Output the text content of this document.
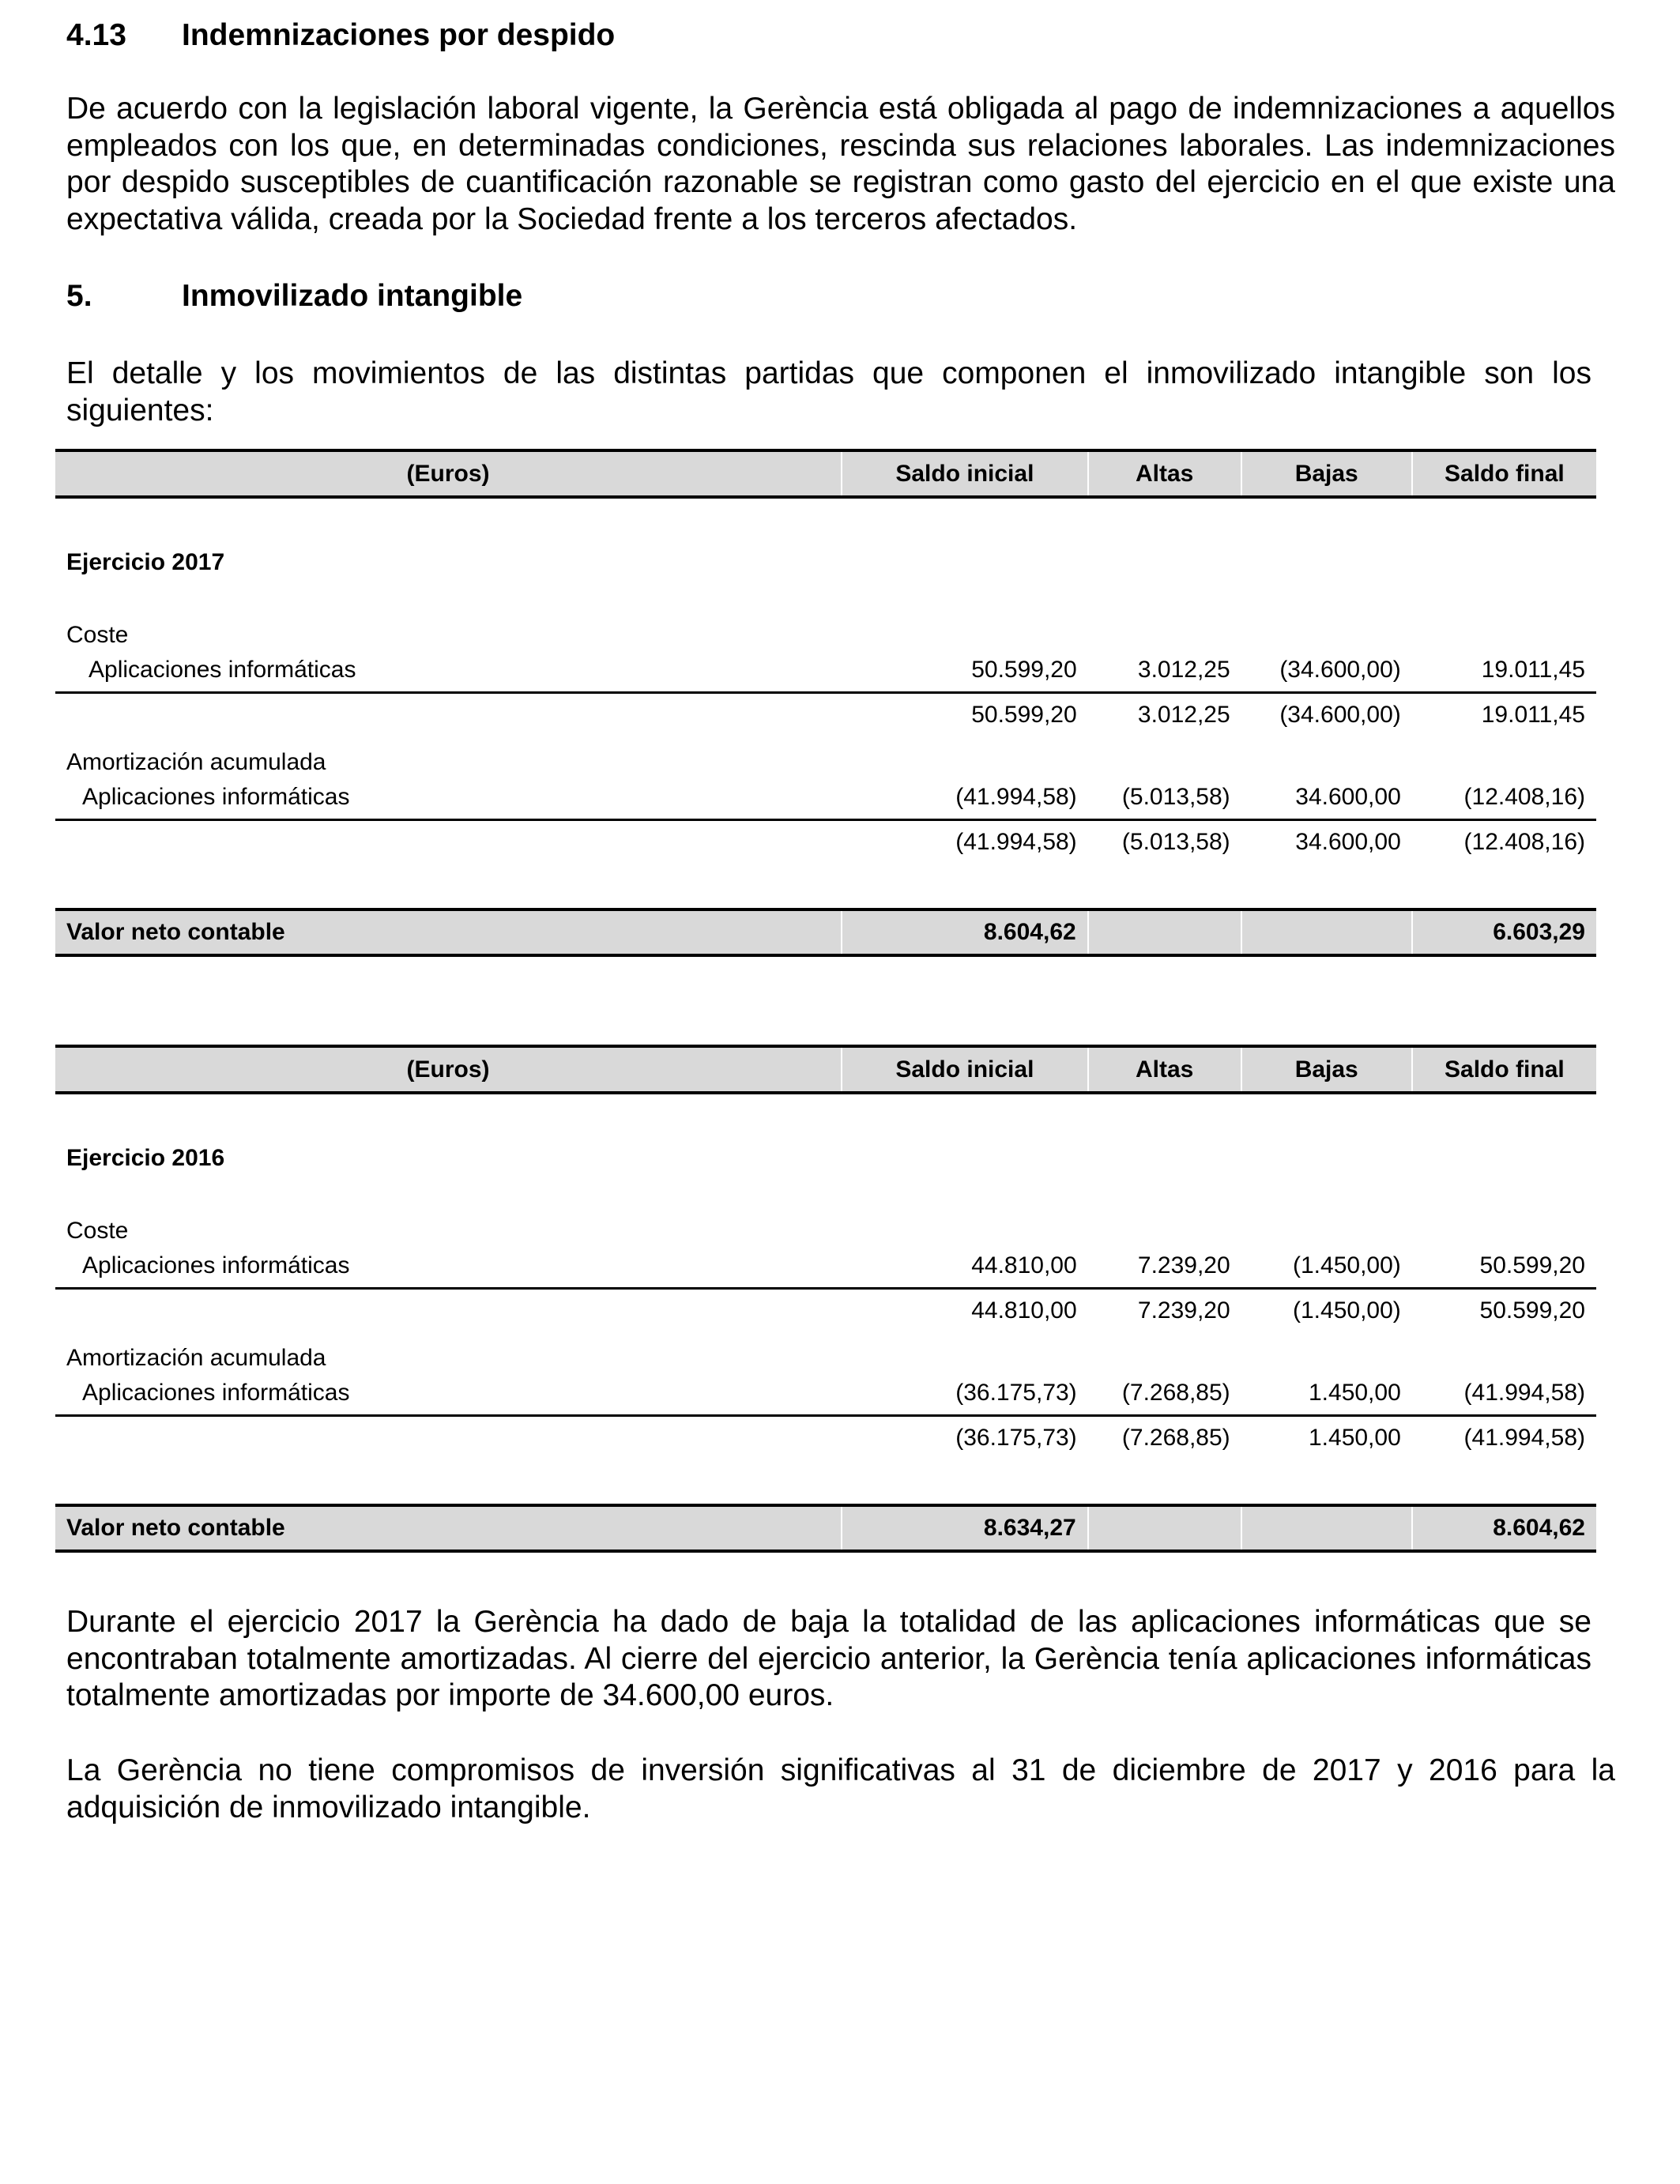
4.13 Indemnizaciones por despido
De acuerdo con la legislación laboral vigente, la Gerència está obligada al pago de indemnizaciones a aquellos empleados con los que, en determinadas condiciones, rescinda sus relaciones laborales. Las indemnizaciones por despido susceptibles de cuantificación razonable se registran como gasto del ejercicio en el que existe una expectativa válida, creada por la Sociedad frente a los terceros afectados.
5.	Inmovilizado intangible
El detalle y los movimientos de las distintas partidas que componen el inmovilizado intangible son los siguientes:
(Euros)	Saldo inicial	Altas	Bajas	Saldo final

Ejercicio 2017				

Coste				
Aplicaciones informáticas	50.599,20	3.012,25	(34.600,00)	19.011,45
	50.599,20	3.012,25	(34.600,00)	19.011,45
Amortización acumulada				
Aplicaciones informáticas	(41.994,58)	(5.013,58)	34.600,00	(12.408,16)
	(41.994,58)	(5.013,58)	34.600,00	(12.408,16)

Valor neto contable	8.604,62			6.603,29
(Euros)	Saldo inicial	Altas	Bajas	Saldo final

Ejercicio 2016				

Coste				
Aplicaciones informáticas	44.810,00	7.239,20	(1.450,00)	50.599,20
	44.810,00	7.239,20	(1.450,00)	50.599,20
Amortización acumulada				
Aplicaciones informáticas	(36.175,73)	(7.268,85)	1.450,00	(41.994,58)
	(36.175,73)	(7.268,85)	1.450,00	(41.994,58)

Valor neto contable	8.634,27			8.604,62
Durante el ejercicio 2017 la Gerència ha dado de baja la totalidad de las aplicaciones informáticas que se encontraban totalmente amortizadas. Al cierre del ejercicio anterior, la Gerència tenía aplicaciones informáticas totalmente amortizadas por importe de 34.600,00 euros.
La Gerència no tiene compromisos de inversión significativas al 31 de diciembre de 2017 y 2016 para la adquisición de inmovilizado intangible.
